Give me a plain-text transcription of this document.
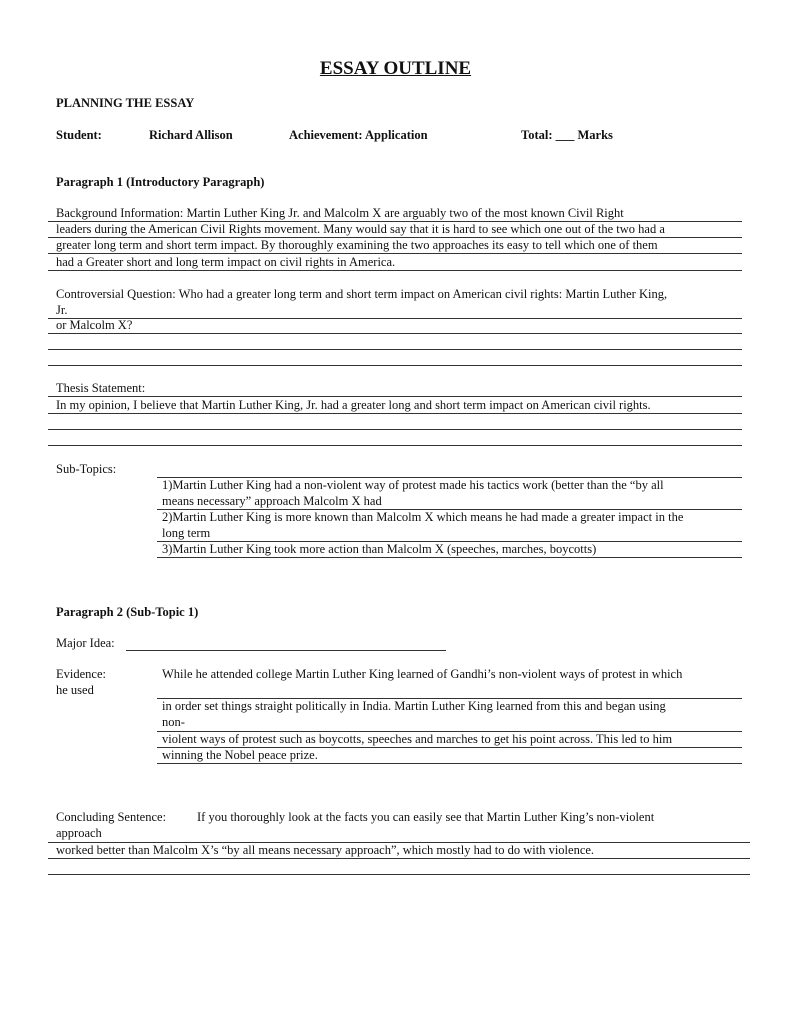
ESSAY OUTLINE
PLANNING THE ESSAY
Student:	Richard Allison	Achievement: Application	Total: ___ Marks
Paragraph 1 (Introductory Paragraph)
Background Information: Martin Luther King Jr. and Malcolm X are arguably two of the most known Civil Right
leaders during the American Civil Rights movement. Many would say that it is hard to see which one out of the two had a
greater long term and short term impact. By thoroughly examining the two approaches its easy to tell which one of them
had a Greater short and long term impact on civil rights in America.
Controversial Question: Who had a greater long term and short term impact on American civil rights: Martin Luther King,
Jr.
or Malcolm X?
Thesis Statement:
In my opinion, I believe that Martin Luther King, Jr. had a greater long and short term impact on American civil rights.
Sub-Topics:
1)Martin Luther King had a non-violent way of protest made his tactics work (better than the “by all
means necessary” approach Malcolm X had
2)Martin Luther King is more known than Malcolm X which means he had made a greater impact in the
long term
3)Martin Luther King took more action than Malcolm X (speeches, marches, boycotts)
Paragraph 2 (Sub-Topic 1)
Major Idea:
Evidence:	While he attended college Martin Luther King learned of Gandhi’s non-violent ways of protest in which
he used
in order set things straight politically in India. Martin Luther King learned from this and began using
non-
violent ways of protest such as boycotts, speeches and marches to get his point across. This led to him
winning the Nobel peace prize.
Concluding Sentence: If you thoroughly look at the facts you can easily see that Martin Luther King’s non-violent
approach
worked better than Malcolm X’s “by all means necessary approach”, which mostly had to do with violence.
